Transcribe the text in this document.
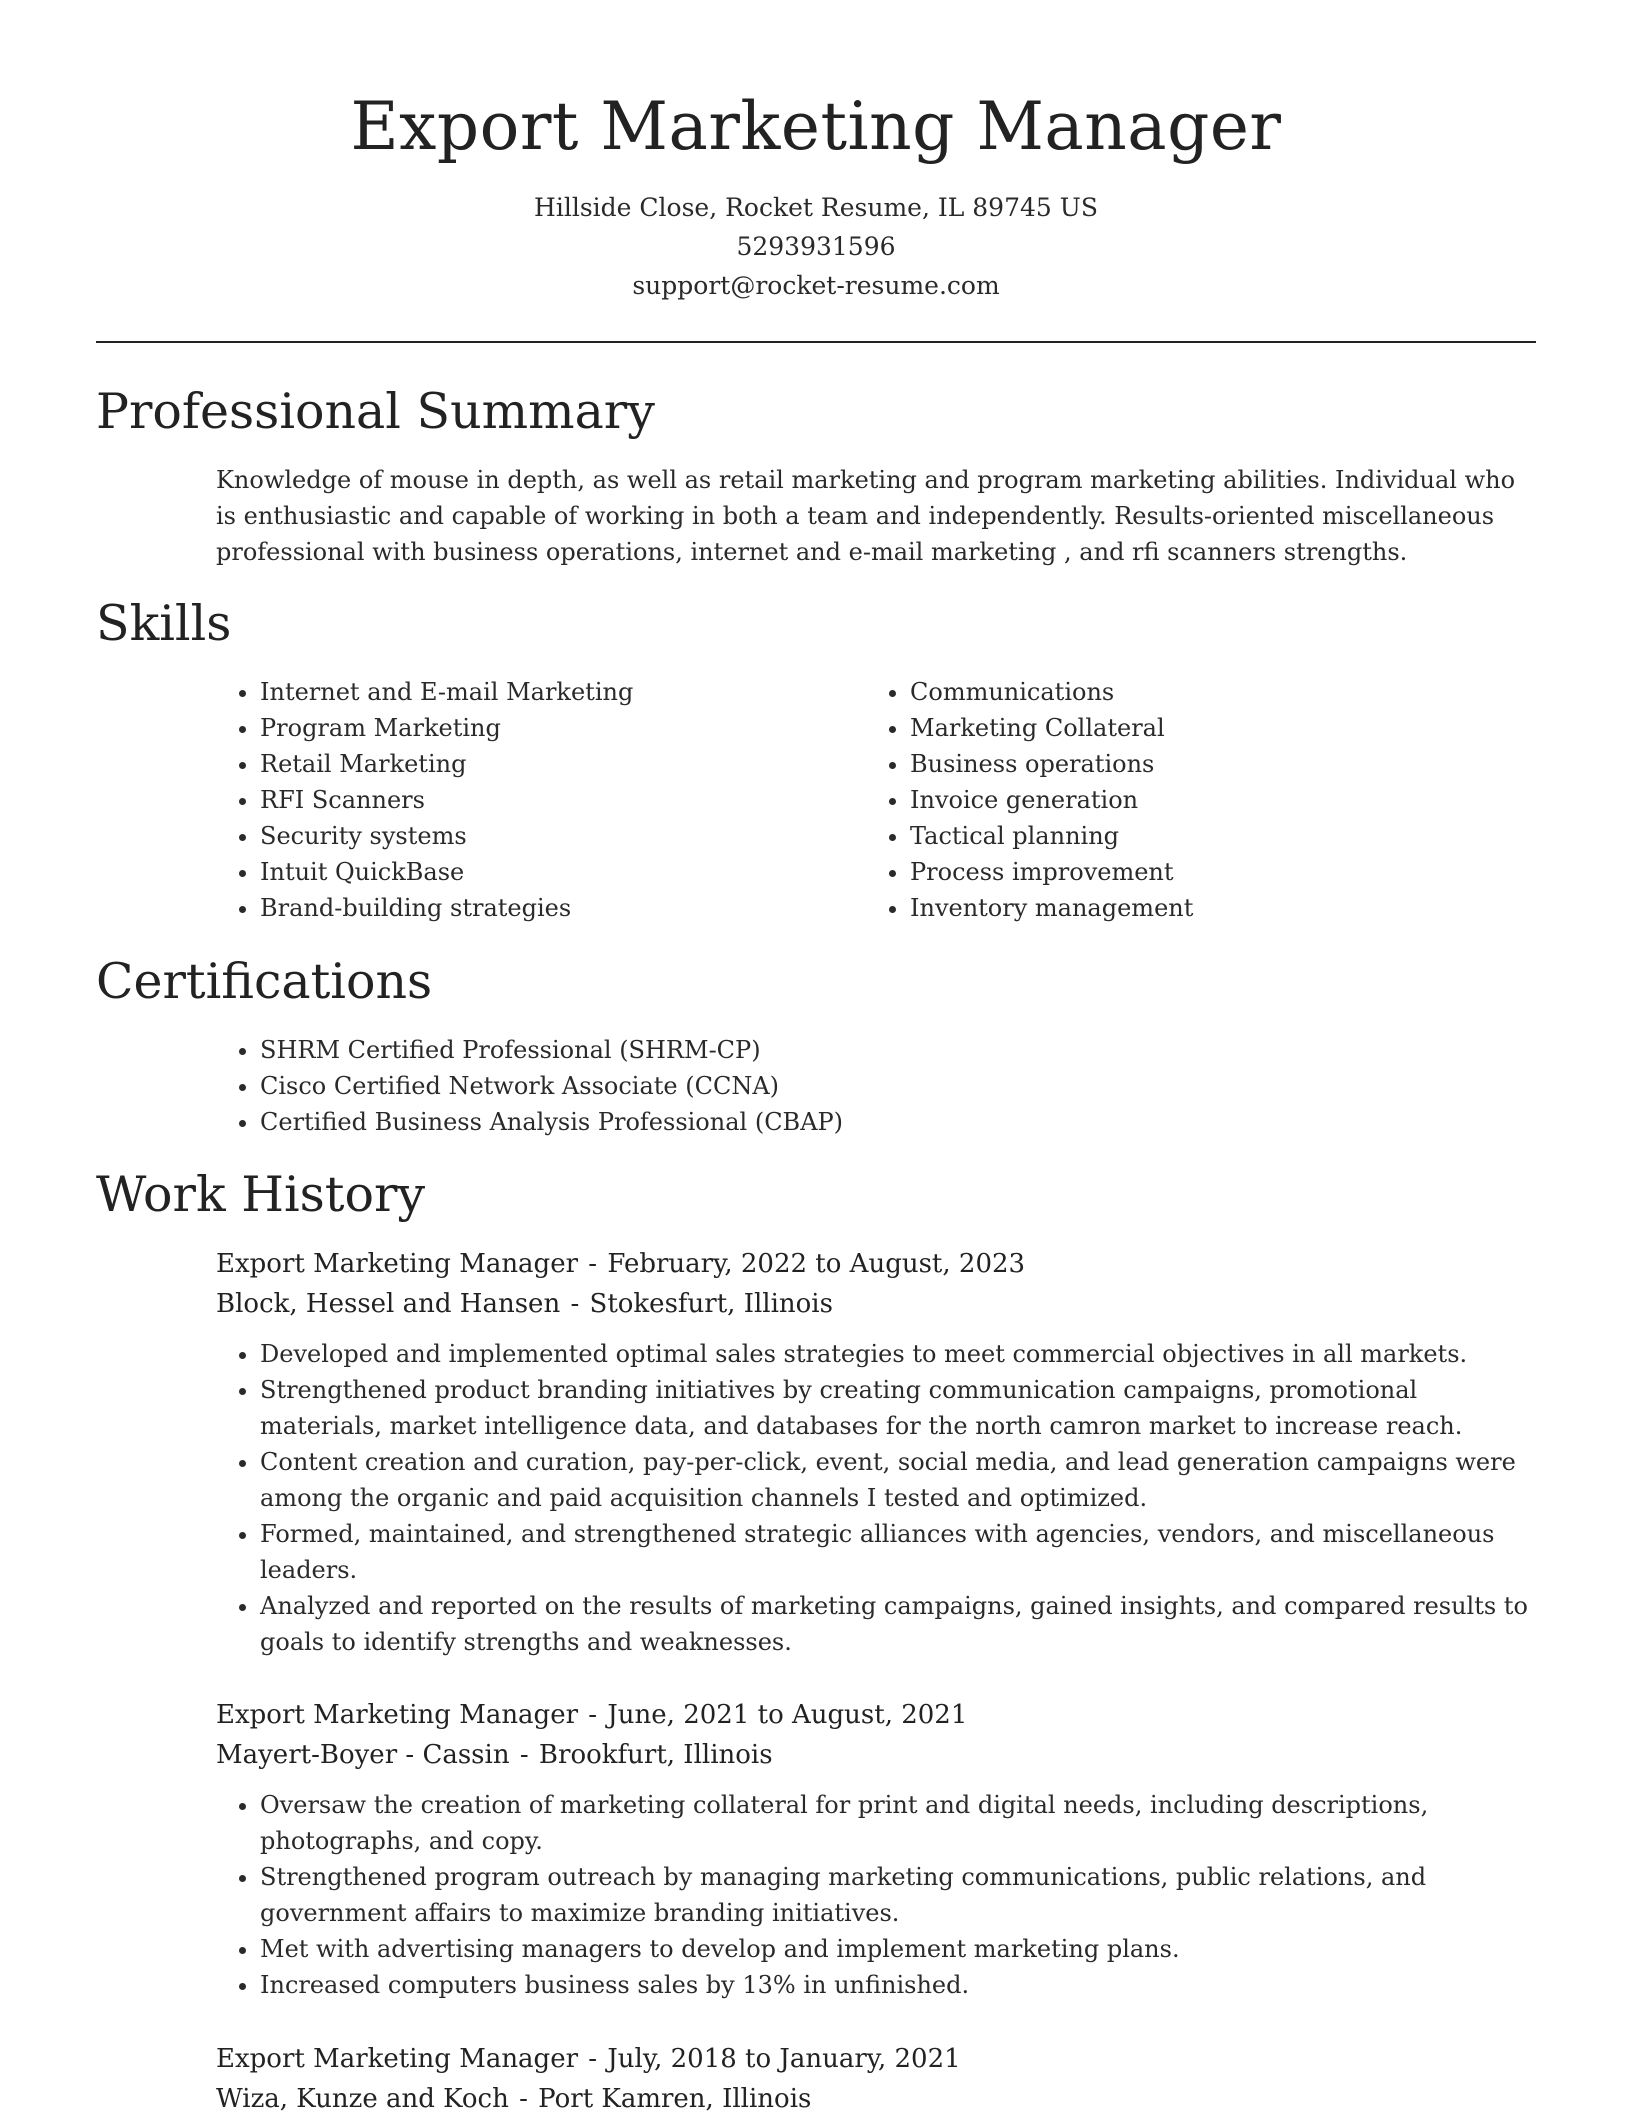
Export Marketing Manager
Hillside Close, Rocket Resume, IL 89745 US
5293931596
support@rocket-resume.com
Professional Summary

Knowledge of mouse in depth, as well as retail marketing and program marketing abilities. Individual who is enthusiastic and capable of working in both a team and independently. Results-oriented miscellaneous professional with business operations, internet and e-mail marketing , and rfi scanners strengths.

Skills
• Internet and E-mail Marketing
• Program Marketing
• Retail Marketing
• RFI Scanners
• Security systems
• Intuit QuickBase
• Brand-building strategies
• Communications
• Marketing Collateral
• Business operations
• Invoice generation
• Tactical planning
• Process improvement
• Inventory management
Certifications
• SHRM Certified Professional (SHRM-CP)
• Cisco Certified Network Associate (CCNA)
• Certified Business Analysis Professional (CBAP)
Work History
Export Marketing Manager - February, 2022 to August, 2023
Block, Hessel and Hansen - Stokesfurt, Illinois
• Developed and implemented optimal sales strategies to meet commercial objectives in all markets.
• Strengthened product branding initiatives by creating communication campaigns, promotional materials, market intelligence data, and databases for the north camron market to increase reach.
• Content creation and curation, pay-per-click, event, social media, and lead generation campaigns were among the organic and paid acquisition channels I tested and optimized.
• Formed, maintained, and strengthened strategic alliances with agencies, vendors, and miscellaneous leaders.
• Analyzed and reported on the results of marketing campaigns, gained insights, and compared results to goals to identify strengths and weaknesses.
Export Marketing Manager - June, 2021 to August, 2021
Mayert-Boyer - Cassin - Brookfurt, Illinois
• Oversaw the creation of marketing collateral for print and digital needs, including descriptions, photographs, and copy.
• Strengthened program outreach by managing marketing communications, public relations, and government affairs to maximize branding initiatives.
• Met with advertising managers to develop and implement marketing plans.
• Increased computers business sales by 13% in unfinished.
Export Marketing Manager - July, 2018 to January, 2021
Wiza, Kunze and Koch - Port Kamren, Illinois
